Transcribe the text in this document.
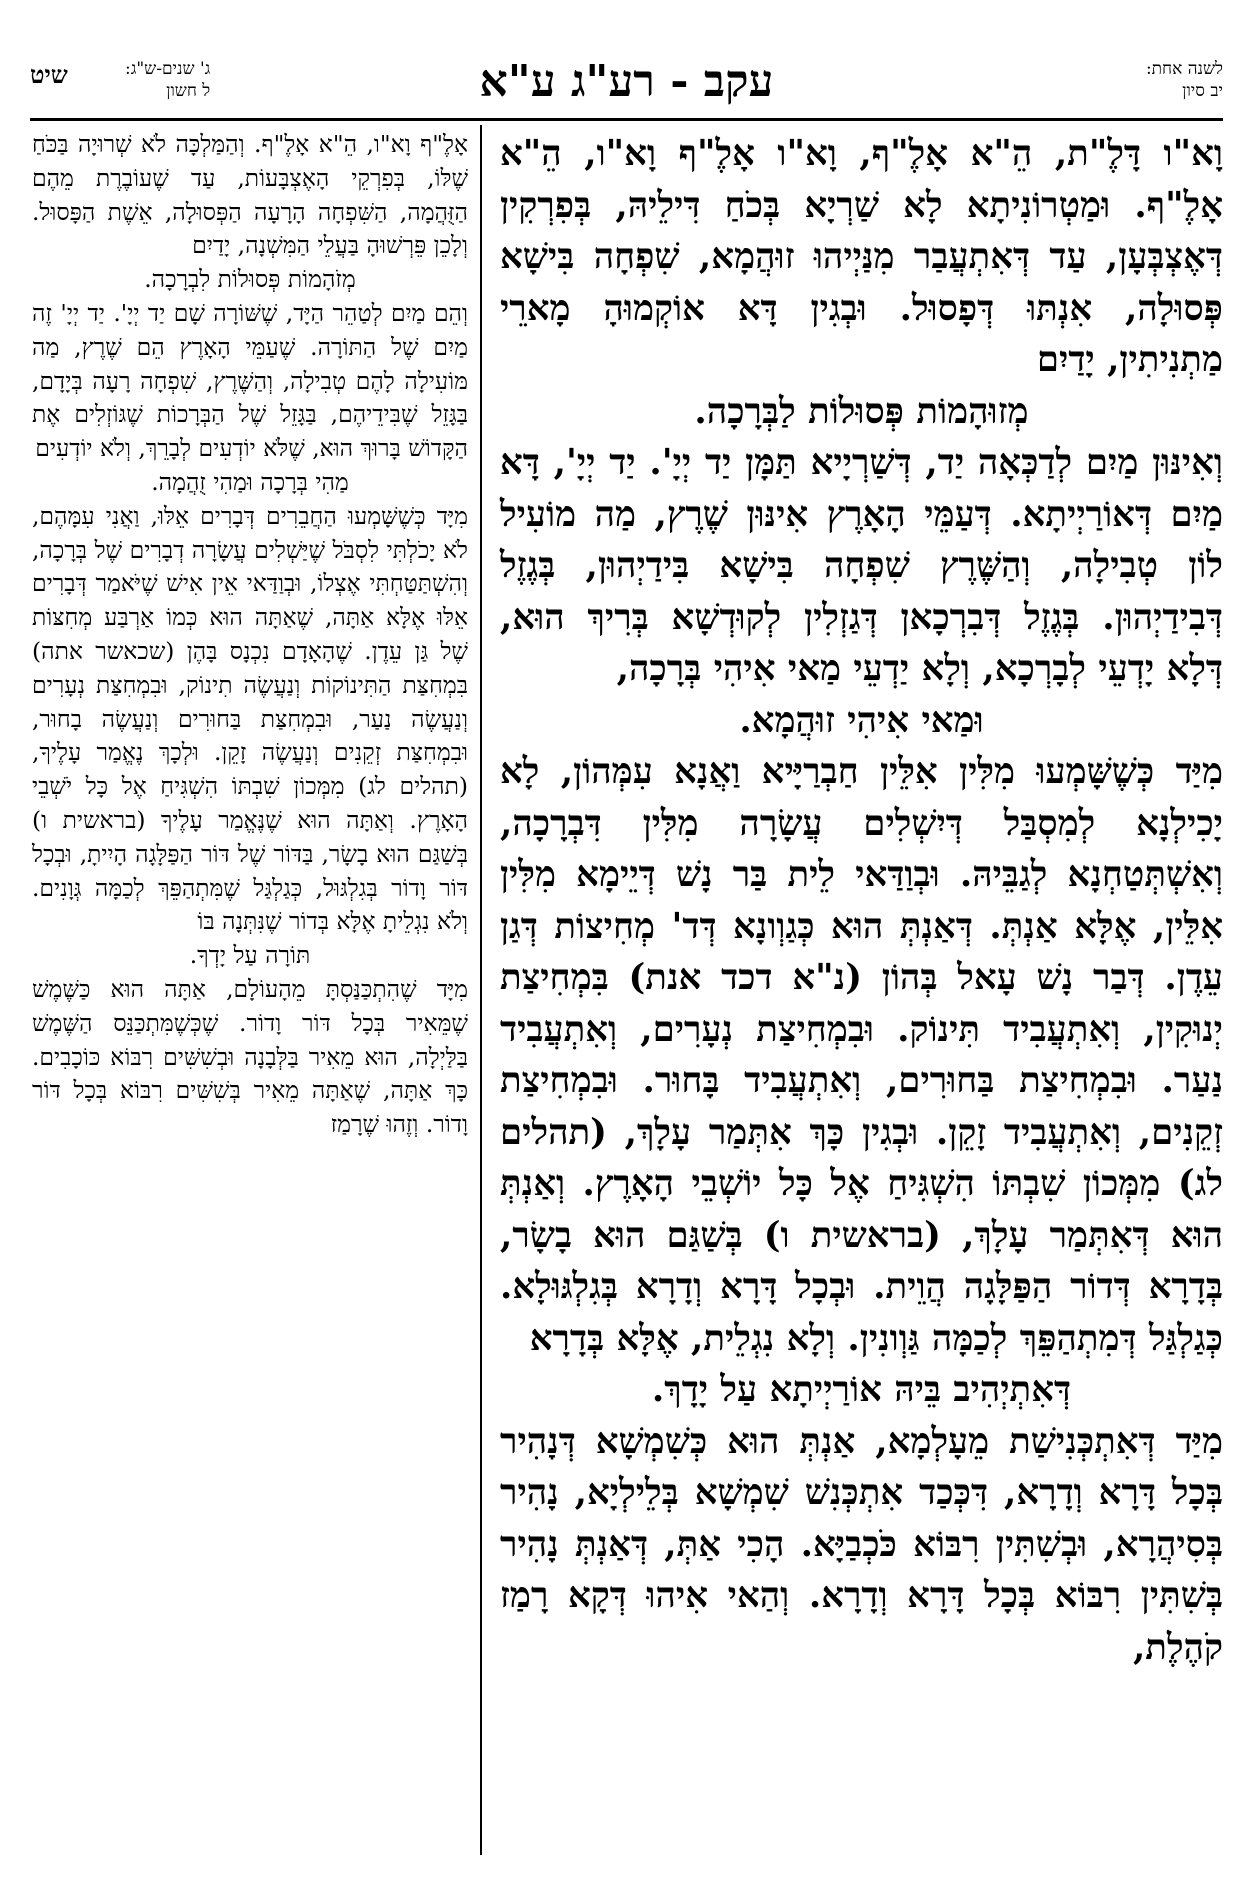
לשנה אחת:
יב סיון
עקב - רע"ג ע"א
ג' שנים-ש"ג:
ל חשון
שיט

וָא"ו דָּלֶ"ת, הֵ"א אָלֶ"ף, וָא"ו אָלֶ"ף וָא"ו, הֵ"א אָלֶ"ף. וּמַטְרוֹנִיתָא לָא שַׁרְיָא בְּכֹחַ דִּילֵיהּ, בְּפִרְקִין דְּאֶצְבְּעָן, עַד דְּאִתְעֲבַר מִנַּיְיהוּ זוּהֲמָא, שִׁפְחָה בִּישָׁא פְּסוּלָה, אִנְתּוּ דְּפָסוּל. וּבְגִין דָּא אוֹקְמוּהָ מָארֵי מַתְנִיתִין, יָדַיִם

מְזוּהָמוֹת פְּסוּלוֹת לַבְּרָכָה.

וְאִינּוּן מַיִם לְדַכְּאָה יַד, דְּשַׁרְיָיא תַּמָּן יַד יְיָ'. יַד יְיָ', דָּא מַיִם דְּאוֹרַיְיתָא. דְּעַמֵּי הָאָרֶץ אִינּוּן שֶׁרֶץ, מַה מוֹעִיל לוֹן טְבִילָה, וְהַשֶּׁרֶץ שִׁפְחָה בִּישָׁא בִּידַיְהוּן, בְּגֶזֶל דְּבִידַיְהוּן. בְּגֶזֶל דְּבִרְכָאן דְּגַזְלִין לְקוּדְשָׁא בְּרִיךְ הוּא, דְּלָא יָדְעֵי לְבָרְכָא, וְלָא יַדְעֵי מַאי אִיהִי בְּרָכָה,

וּמַאי אִיהִי זוּהֲמָא.

מִיַּד כְּשֶׁשָּׁמְעוּ מִלִּין אִלֵּין חַבְרַיָּיא וַאֲנָא עִמְּהוֹן, לָא יָכִילְנָא לְמִסְבַּל דְּיִשְׁלִים עֲשָׂרָה מִלִּין דִּבְרָכָה, וְאִשְׁתְּטַחְנָא לְגַבֵּיהּ. וּבְוַדַּאי לֵית בַּר נָשׁ דְּיֵימָא מִלִּין אִלֵּין, אֶלָּא אַנְתְּ. דְּאַנְתְּ הוּא כְּגַוְונָא דְּד' מְחִיצוֹת דְּגַן עֵדֶן. דְּבַר נָשׁ עָאל בְּהוֹן (נ"א דכד אנת) בִּמְחִיצַת יְנוּקִין, וְאִתְעֲבִיד תִּינוֹק. וּבִמְחִיצַת נְעָרִים, וְאִתְעֲבִיד נַעַר. וּבִמְחִיצַת בַּחוּרִים, וְאִתְעֲבִיד בָּחוּר. וּבִמְחִיצַת זְקֵנִים, וְאִתְעֲבִיד זָקֵן. וּבְגִין כָּךְ אִתְּמַר עָלָךְ, (תהלים לג) מִמְּכוֹן שִׁבְתּוֹ הִשְׁגִּיחַ אֶל כָּל יוֹשְׁבֵי הָאָרֶץ. וְאַנְתְּ הוּא דְּאִתְּמַר עָלָךְ, (בראשית ו) בְּשַׁגַּם הוּא בָשָׂר, בְּדָרָא דְּדוֹר הַפַּלָּגָה הֲוֵית. וּבְכָל דָּרָא וְדָרָא בְּגִלְגּוּלָא. כְּגַלְגַּל דְּמִתְהַפֵּךְ לְכַמָּה גַּוְונִין. וְלָא נִגְלֵית, אֶלָּא בְּדָרָא

דְּאִתְיְהִיב בֵּיהּ אוֹרַיְיתָא עַל יָדָךְ.

מִיַּד דְּאִתְכְּנִישַׁת מֵעָלְמָא, אַנְתְּ הוּא כְּשִׁמְשָׁא דְּנָהִיר בְּכָל דָּרָא וְדָרָא, דִּכְּכַד אִתְכְּנִשׁ שִׁמְשָׁא בְּלֵילְיָא, נָהִיר בְּסִיהֲרָא, וּבְשִׁתִּין רִבּוֹא כֹּכְבַיָּא. הָכִי אַתְּ, דְּאַנְתְּ נָהִיר בְּשִׁתִּין רִבּוֹא בְּכָל דָּרָא וְדָרָא. וְהַאי אִיהוּ דְּקָא רָמַז קֹהֶלֶת,

אָלֶ"ף וָא"ו, הֵ"א אָלֶ"ף. וְהַמַּלְכָּה לֹא שְׁרוּיָה בַּכֹּחַ שֶׁלּוֹ, בְּפִרְקֵי הָאֶצְבָּעוֹת, עַד שֶׁעוֹבֶרֶת מֵהֶם הַזֻּהֲמָה, הַשִּׁפְחָה הָרָעָה הַפְּסוּלָה, אֵשֶׁת הַפָּסוּל. וְלָכֵן פֵּרְשׁוּהָ בַּעֲלֵי הַמִּשְׁנָה, יָדַיִם

מְזֹהָמוֹת פְּסוּלוֹת לִבְרָכָה.

וְהֵם מַיִם לְטַהֵר הַיָּד, שֶׁשּׁוֹרָה שָׁם יַד יְיָ'. יַד יְיָ' זֶה מַיִם שֶׁל הַתּוֹרָה. שֶׁעַמֵּי הָאָרֶץ הֵם שֶׁרֶץ, מַה מּוֹעִילָה לָהֶם טְבִילָה, וְהַשֶּׁרֶץ, שִׁפְחָה רָעָה בְּיָדָם, בַּגָּזֵל שֶׁבִּידֵיהֶם, בַּגָּזֵל שֶׁל הַבְּרָכוֹת שֶׁגּוֹזְלִים אֶת הַקָּדוֹשׁ בָּרוּךְ הוּא, שֶׁלֹּא יוֹדְעִים לְבָרֵךְ, וְלֹא יוֹדְעִים

מַהִי בְּרָכָה וּמַהִי זֻהֲמָה.

מִיָּד כְּשֶׁשָּׁמְעוּ הַחֲבֵרִים דְּבָרִים אֵלּוּ, וַאֲנִי עִמָּהֶם, לֹא יָכֹלְתִּי לִסְבֹּל שֶׁיַּשְׁלִים עֲשָׂרָה דְבָרִים שֶׁל בְּרָכָה, וְהִשְׁתַּטַּחְתִּי אֶצְלוֹ, וּבְוַדַּאי אֵין אִישׁ שֶׁיֹּאמַר דְּבָרִים אֵלּוּ אֶלָּא אַתָּה, שֶׁאַתָּה הוּא כְּמוֹ אַרְבַּע מְחִצּוֹת שֶׁל גַּן עֵדֶן. שֶׁהָאָדָם נִכְנָס בָּהֶן (שכאשר אתה) בִּמְחִצַּת הַתִּינוֹקוֹת וְנַעֲשֶׂה תִינוֹק, וּבִמְחִצַּת נְעָרִים וְנַעֲשֶׂה נַעַר, וּבִמְחִצַּת בַּחוּרִים וְנַעֲשֶׂה בָחוּר, וּבִמְחִצַּת זְקֵנִים וְנַעֲשֶׂה זָקֵן. וּלְכָךְ נֶאֱמַר עָלֶיךָ, (תהלים לג) מִמְּכוֹן שִׁבְתּוֹ הִשְׁגִּיחַ אֶל כָּל יֹשְׁבֵי הָאָרֶץ. וְאַתָּה הוּא שֶׁנֶּאֱמַר עָלֶיךָ (בראשית ו) בְּשַׁגַּם הוּא בָשָׂר, בַּדּוֹר שֶׁל דּוֹר הַפַּלָּגָה הָיִיתָ, וּבְכָל דּוֹר וָדוֹר בְּגִלְגּוּל, כְּגַלְגַּל שֶׁמִּתְהַפֵּךְ לְכַמָּה גְּוָנִים. וְלֹא נִגְלֵיתָ אֶלָּא בְּדוֹר שֶׁנִּתְּנָה בּוֹ

תּוֹרָה עַל יָדְךָ.

מִיָּד שֶׁהִתְכַּנַּסְתָּ מֵהָעוֹלָם, אַתָּה הוּא כַּשֶּׁמֶשׁ שֶׁמֵּאִיר בְּכָל דּוֹר וָדוֹר. שֶׁכְּשֶׁמִּתְכַּנֵּס הַשֶּׁמֶשׁ בַּלַּיְלָה, הוּא מֵאִיר בַּלְּבָנָה וּבְשִׁשִּׁים רִבּוֹא כּוֹכָבִים. כָּךְ אַתָּה, שֶׁאַתָּה מֵאִיר בְּשִׁשִּׁים רִבּוֹא בְּכָל דּוֹר וָדוֹר. וְזֶהוּ שֶׁרָמַז
